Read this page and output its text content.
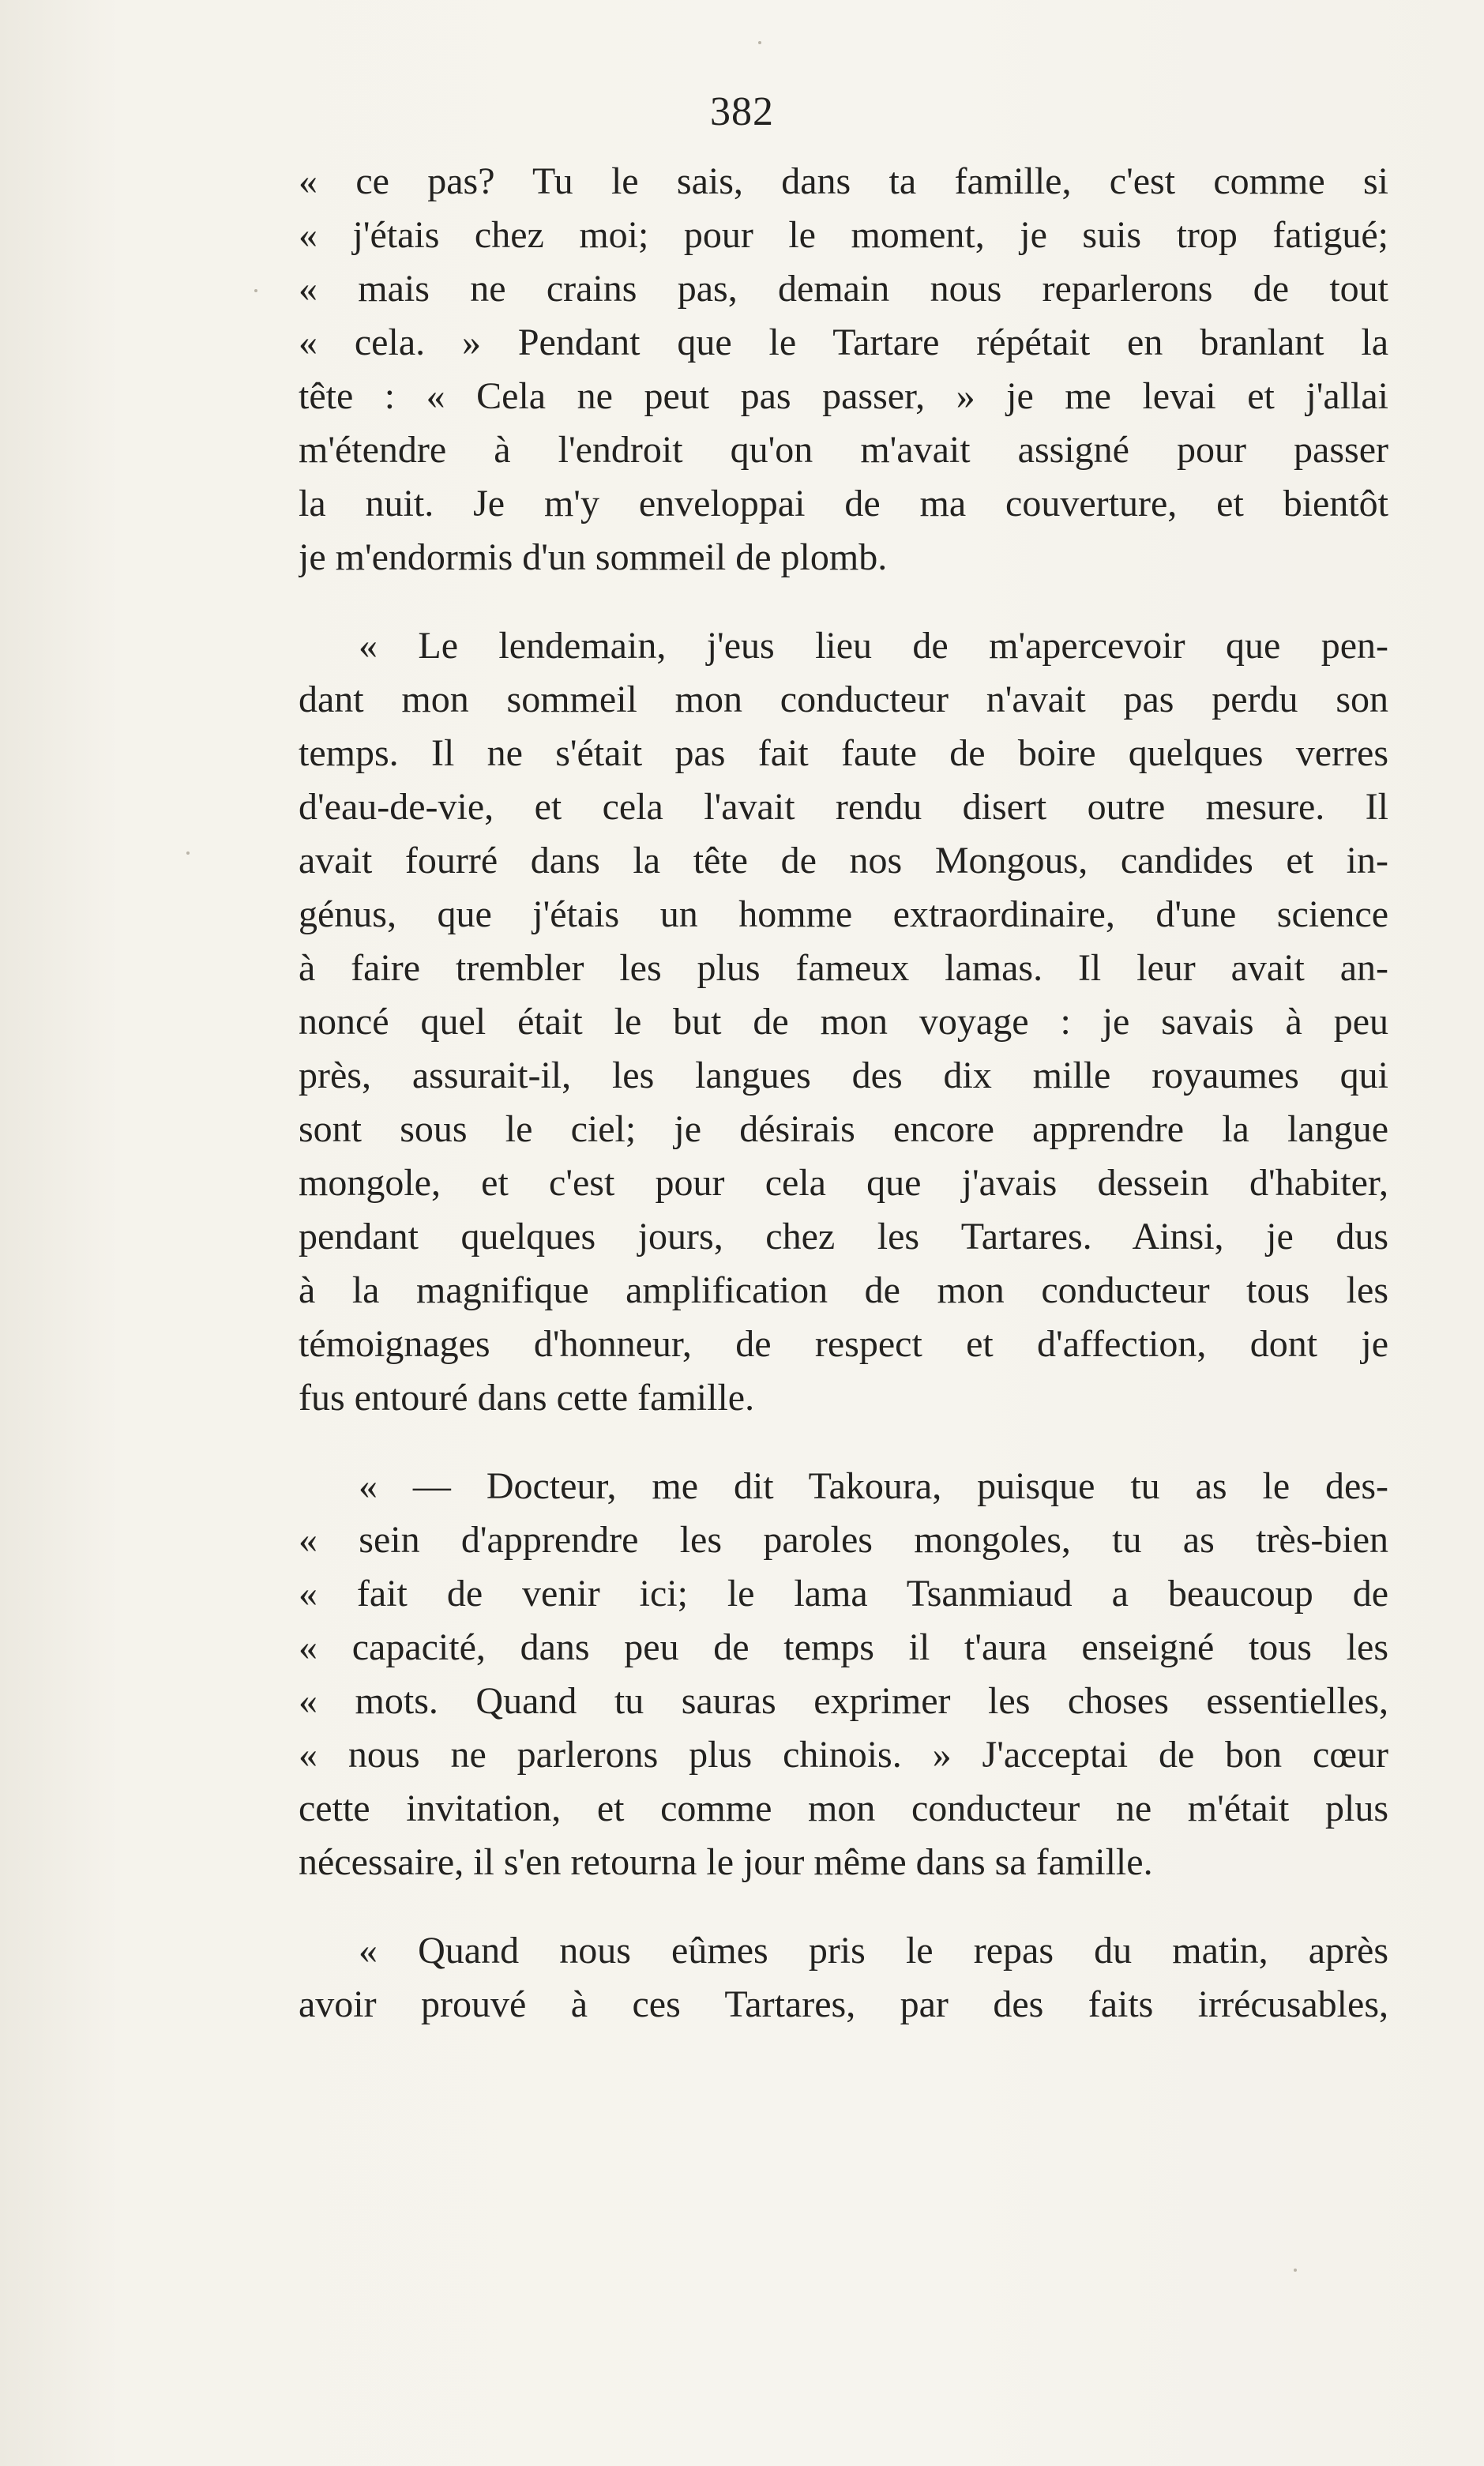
382
« ce pas? Tu le sais, dans ta famille, c'est comme si
« j'étais chez moi; pour le moment, je suis trop fatigué;
« mais ne crains pas, demain nous reparlerons de tout
« cela. » Pendant que le Tartare répétait en branlant la
tête : « Cela ne peut pas passer, » je me levai et j'allai
m'étendre à l'endroit qu'on m'avait assigné pour passer
la nuit. Je m'y enveloppai de ma couverture, et bientôt
je m'endormis d'un sommeil de plomb.
« Le lendemain, j'eus lieu de m'apercevoir que pen-
dant mon sommeil mon conducteur n'avait pas perdu son
temps. Il ne s'était pas fait faute de boire quelques verres
d'eau-de-vie, et cela l'avait rendu disert outre mesure. Il
avait fourré dans la tête de nos Mongous, candides et in-
génus, que j'étais un homme extraordinaire, d'une science
à faire trembler les plus fameux lamas. Il leur avait an-
noncé quel était le but de mon voyage : je savais à peu
près, assurait-il, les langues des dix mille royaumes qui
sont sous le ciel; je désirais encore apprendre la langue
mongole, et c'est pour cela que j'avais dessein d'habiter,
pendant quelques jours, chez les Tartares. Ainsi, je dus
à la magnifique amplification de mon conducteur tous les
témoignages d'honneur, de respect et d'affection, dont je
fus entouré dans cette famille.
« — Docteur, me dit Takoura, puisque tu as le des-
« sein d'apprendre les paroles mongoles, tu as très-bien
« fait de venir ici; le lama Tsanmiaud a beaucoup de
« capacité, dans peu de temps il t'aura enseigné tous les
« mots. Quand tu sauras exprimer les choses essentielles,
« nous ne parlerons plus chinois. » J'acceptai de bon cœur
cette invitation, et comme mon conducteur ne m'était plus
nécessaire, il s'en retourna le jour même dans sa famille.
« Quand nous eûmes pris le repas du matin, après
avoir prouvé à ces Tartares, par des faits irrécusables,
